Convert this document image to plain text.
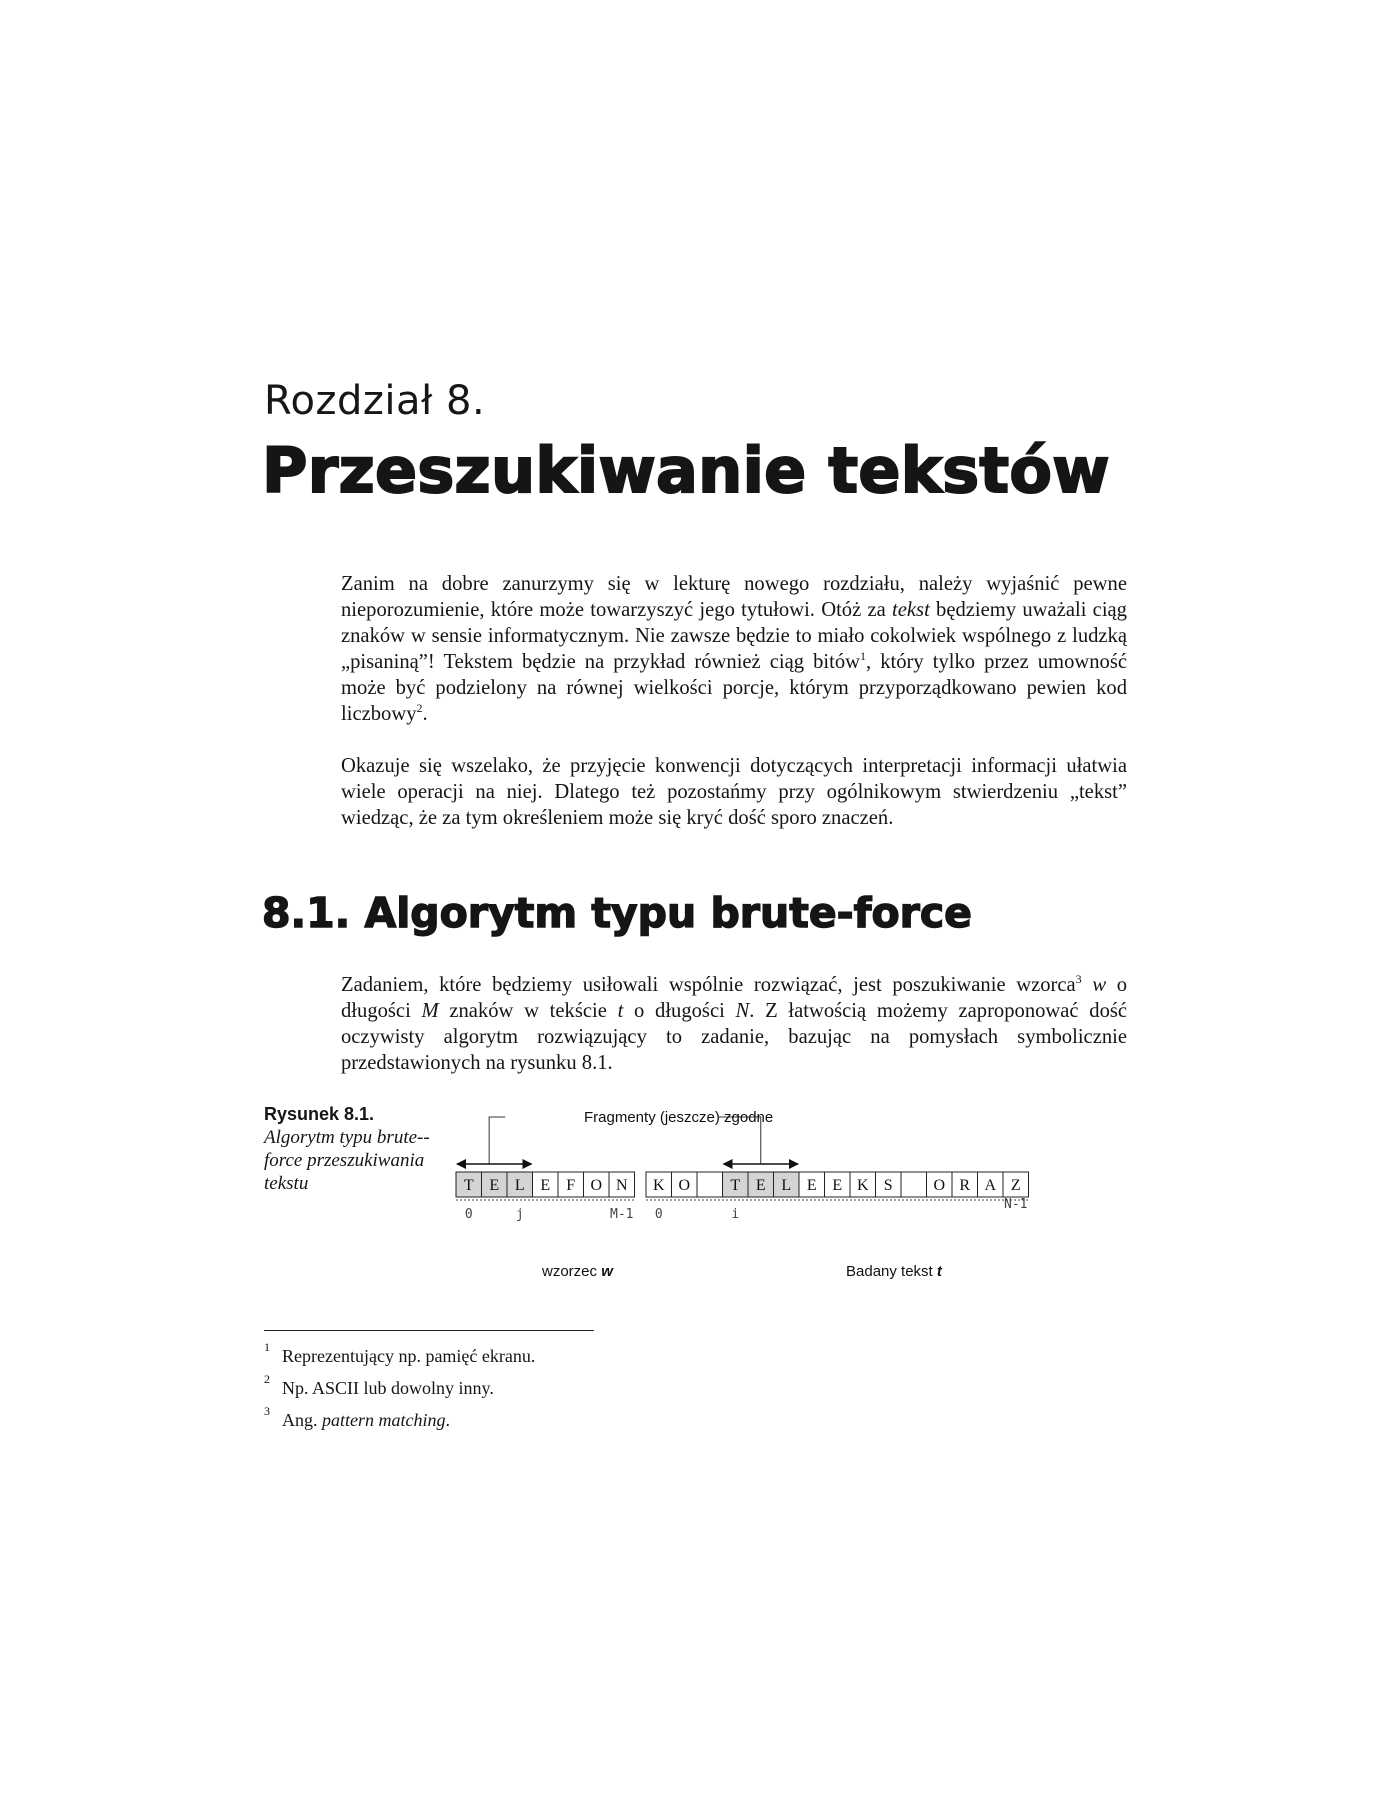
Rozdział 8.
Przeszukiwanie tekstów

Zanim na dobre zanurzymy się w lekturę nowego rozdziału, należy wyjaśnić pewne nieporozumienie, które może towarzyszyć jego tytułowi. Otóż za tekst będziemy uważali ciąg znaków w sensie informatycznym. Nie zawsze będzie to miało cokolwiek wspólnego z ludzką „pisaniną”! Tekstem będzie na przykład również ciąg bitów$^1$, który tylko przez umowność może być podzielony na równej wielkości porcje, którym przyporządkowano pewien kod liczbowy$^2$.

Okazuje się wszelako, że przyjęcie konwencji dotyczących interpretacji informacji ułatwia wiele operacji na niej. Dlatego też pozostańmy przy ogólnikowym stwierdzeniu „tekst” wiedząc, że za tym określeniem może się kryć dość sporo znaczeń.

8.1. Algorytm typu brute-force

Zadaniem, które będziemy usiłowali wspólnie rozwiązać, jest poszukiwanie wzorca$^3$ w o długości M znaków w tekście t o długości N. Z łatwością możemy zaproponować dość oczywisty algorytm rozwiązujący to zadanie, bazując na pomysłach symbolicznie przedstawionych na rysunku 8.1.

Rysunek 8.1.
Algorytm typu brute--force przeszukiwania tekstu
Fragmenty (jeszcze) zgodne
T E L E F O N K O	T E L E E K S	O R A Z
0	j	M-1 0	i
N-1
wzorzec w	Badany tekst t
1 Reprezentujący np. pamięć ekranu.
2 Np. ASCII lub dowolny inny.
3 Ang. pattern matching.
